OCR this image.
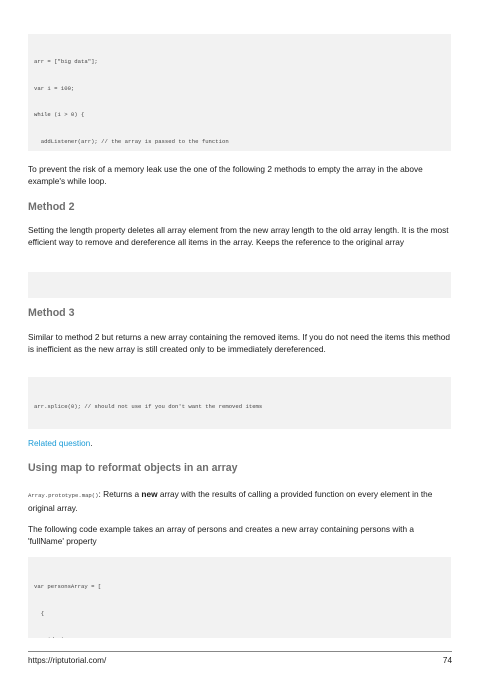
arr = ["big data"];

var i = 100;

while (i > 0) {

addListener(arr); // the array is passed to the function

To prevent the risk of a memory leak use the one of the following 2 methods to empty the array in the above example's while loop.
Method 2
Setting the length property deletes all array element from the new array length to the old array length. It is the most efficient way to remove and dereference all items in the array. Keeps the reference to the original array

Method 3
Similar to method 2 but returns a new array containing the removed items. If you do not need the items this method is inefficient as the new array is still created only to be immediately dereferenced.

arr.splice(0); // should not use if you don't want the removed items

Related question.
Using map to reformat objects in an array
Array.prototype.map(): Returns a new array with the results of calling a provided function on every element in the original array.
The following code example takes an array of persons and creates a new array containing persons with a 'fullName' property

var personsArray = [

{

https://riptutorial.com/	74
